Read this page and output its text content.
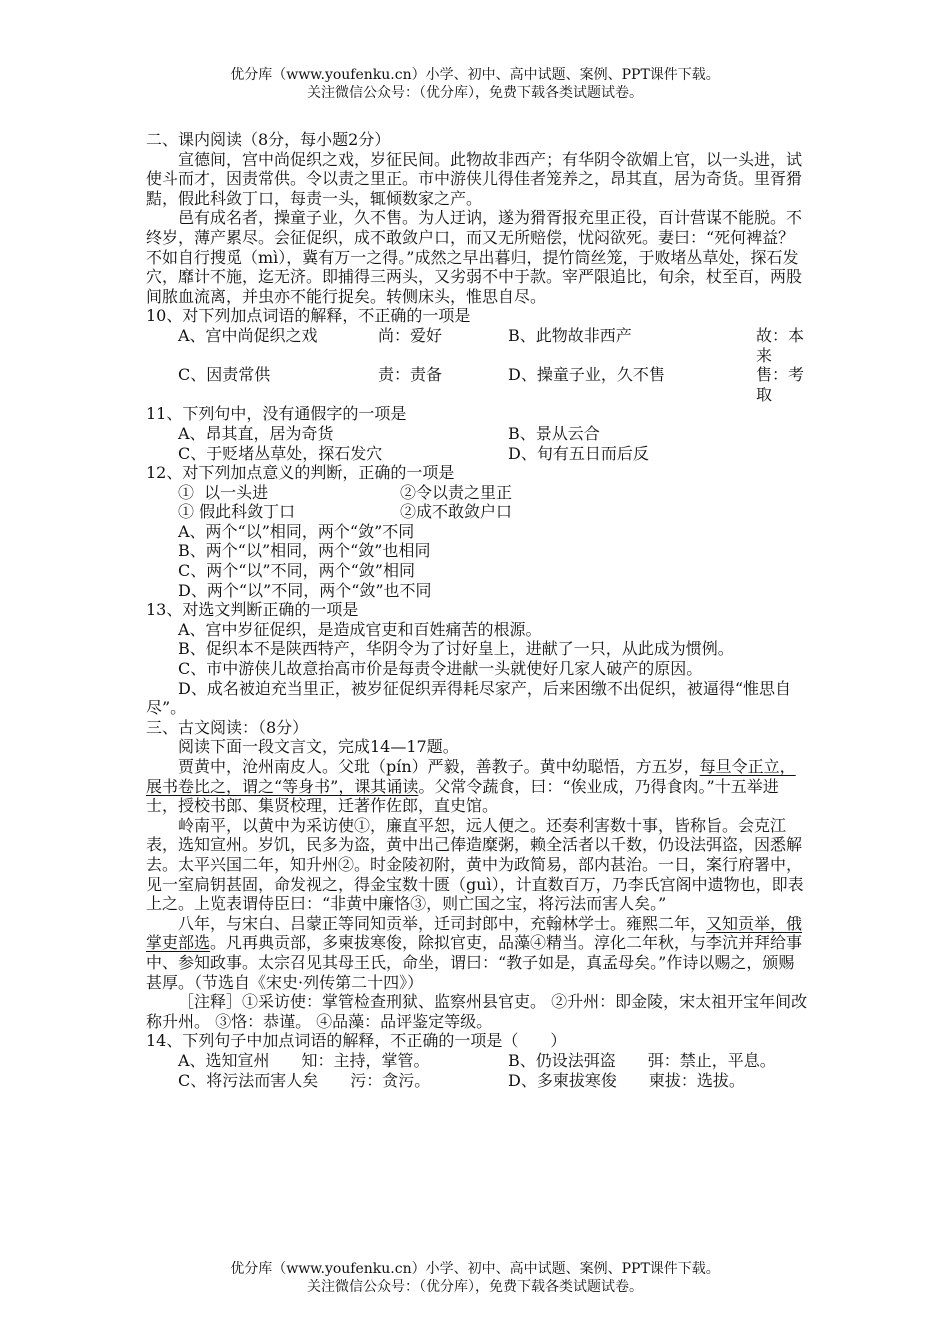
优分库（www.youfenku.cn）小学、初中、高中试题、案例、PPT课件下载。
关注微信公众号：（优分库），免费下载各类试题试卷。

二、课内阅读（8分，每小题2分）

宣德间，宫中尚促织之戏，岁征民间。此物故非西产；有华阴令欲媚上官，以一头进，试使斗而才，因责常供。令以责之里正。市中游侠儿得佳者笼养之，昂其直，居为奇货。里胥猾黠，假此科敛丁口，每责一头，辄倾数家之产。

邑有成名者，操童子业，久不售。为人迂讷，遂为猾胥报充里正役，百计营谋不能脱。不终岁，薄产累尽。会征促织，成不敢敛户口，而又无所赔偿，忧闷欲死。妻曰：“死何裨益？不如自行搜觅（mì），冀有万一之得。”成然之早出暮归，提竹筒丝笼，于败堵丛草处，探石发穴，靡计不施，迄无济。即捕得三两头，又劣弱不中于款。宰严限追比，旬余，杖至百，两股间脓血流离，并虫亦不能行捉矣。转侧床头，惟思自尽。

10、对下列加点词语的解释，不正确的一项是

A、宫中尚促织之戏	尚：爱好	B、此物故非西产	故：本来
C、因责常供	责：责备	D、操童子业，久不售	售：考取

11、下列句中，没有通假字的一项是

A、昂其直，居为奇货	B、景从云合
C、于贬堵丛草处，探石发穴	D、旬有五日而后反

12、对下列加点意义的判断，正确的一项是

①  以一头进	②令以责之里正
① 假此科敛丁口	②成不敢敛户口

A、两个“以”相同，两个“敛”不同

B、两个“以”相同，两个“敛”也相同

C、两个“以”不同，两个“敛”相同

D、两个“以”不同，两个“敛”也不同

13、对选文判断正确的一项是

A、宫中岁征促织，是造成官吏和百姓痛苦的根源。

B、促织本不是陕西特产，华阴令为了讨好皇上，进献了一只，从此成为惯例。

C、市中游侠儿故意抬高市价是每责令进献一头就使好几家人破产的原因。

D、成名被迫充当里正，被岁征促织弄得耗尽家产，后来困缴不出促织，被逼得“惟思自尽”。

三、古文阅读：（8分）

阅读下面一段文言文，完成14—17题。

贾黄中，沧州南皮人。父玭（pín）严毅，善教子。黄中幼聪悟，方五岁，每旦令正立，展书卷比之，谓之“等身书”，课其诵读。父常令蔬食，曰：“俟业成，乃得食肉。”十五举进士，授校书郎、集贤校理，迁著作佐郎，直史馆。

岭南平，以黄中为采访使①，廉直平恕，远人便之。还奏利害数十事，皆称旨。会克江表，选知宣州。岁饥，民多为盗，黄中出己俸造糜粥，赖全活者以千数，仍设法弭盗，因悉解去。太平兴国二年，知升州②。时金陵初附，黄中为政简易，部内甚治。一日，案行府署中，见一室扃钥甚固，命发视之，得金宝数十匮（guì），计直数百万，乃李氏宫阁中遗物也，即表上之。上览表谓侍臣曰：“非黄中廉恪③，则亡国之宝，将污法而害人矣。”

八年，与宋白、吕蒙正等同知贡举，迁司封郎中，充翰林学士。雍熙二年，又知贡举，俄掌吏部选。凡再典贡部，多柬拔寒俊，除拟官吏，品藻④精当。淳化二年秋，与李沆并拜给事中、参知政事。太宗召见其母王氏，命坐，谓曰：“教子如是，真孟母矣。”作诗以赐之，颁赐甚厚。（节选自《宋史·列传第二十四》）

［注释］①采访使：掌管检查刑狱、监察州县官吏。 ②升州：即金陵，宋太祖开宝年间改称升州。 ③恪：恭谨。 ④品藻：品评鉴定等级。

14、下列句子中加点词语的解释，不正确的一项是（　　）

A、选知宣州　　知：主持，掌管。	B、仍设法弭盗　　弭：禁止，平息。
C、将污法而害人矣　　污：贪污。	D、多柬拔寒俊　　柬拔：选拔。
优分库（www.youfenku.cn）小学、初中、高中试题、案例、PPT课件下载。
关注微信公众号：（优分库），免费下载各类试题试卷。
